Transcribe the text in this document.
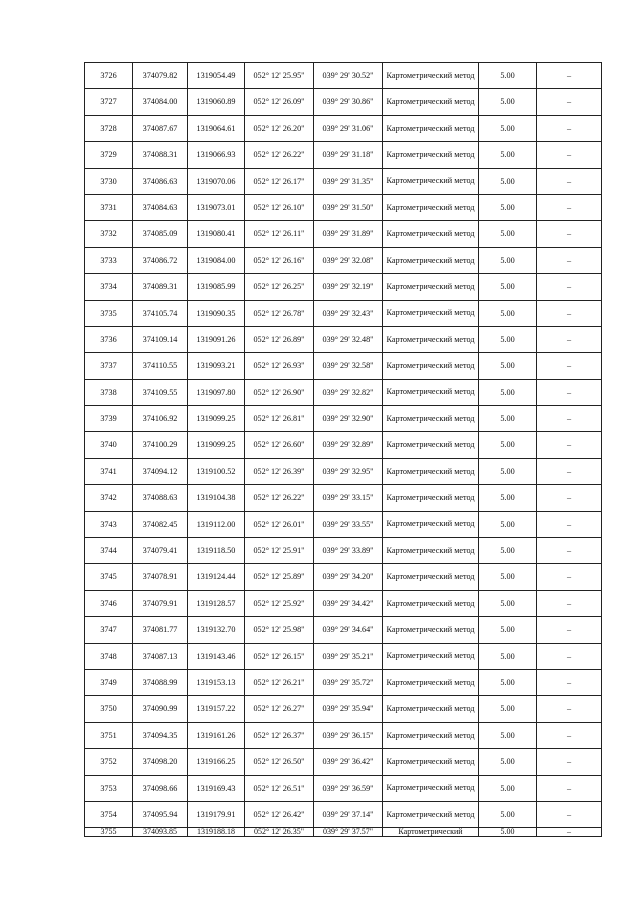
3726	374079.82	1319054.49	052° 12' 25.95"	039° 29' 30.52"	Картометрический метод	5.00	–
3727	374084.00	1319060.89	052° 12' 26.09"	039° 29' 30.86"	Картометрический метод	5.00	–
3728	374087.67	1319064.61	052° 12' 26.20"	039° 29' 31.06"	Картометрический метод	5.00	–
3729	374088.31	1319066.93	052° 12' 26.22"	039° 29' 31.18"	Картометрический метод	5.00	–
3730	374086.63	1319070.06	052° 12' 26.17"	039° 29' 31.35"	Картометрический метод	5.00	–
3731	374084.63	1319073.01	052° 12' 26.10"	039° 29' 31.50"	Картометрический метод	5.00	–
3732	374085.09	1319080.41	052° 12' 26.11"	039° 29' 31.89"	Картометрический метод	5.00	–
3733	374086.72	1319084.00	052° 12' 26.16"	039° 29' 32.08"	Картометрический метод	5.00	–
3734	374089.31	1319085.99	052° 12' 26.25"	039° 29' 32.19"	Картометрический метод	5.00	–
3735	374105.74	1319090.35	052° 12' 26.78"	039° 29' 32.43"	Картометрический метод	5.00	–
3736	374109.14	1319091.26	052° 12' 26.89"	039° 29' 32.48"	Картометрический метод	5.00	–
3737	374110.55	1319093.21	052° 12' 26.93"	039° 29' 32.58"	Картометрический метод	5.00	–
3738	374109.55	1319097.80	052° 12' 26.90"	039° 29' 32.82"	Картометрический метод	5.00	–
3739	374106.92	1319099.25	052° 12' 26.81"	039° 29' 32.90"	Картометрический метод	5.00	–
3740	374100.29	1319099.25	052° 12' 26.60"	039° 29' 32.89"	Картометрический метод	5.00	–
3741	374094.12	1319100.52	052° 12' 26.39"	039° 29' 32.95"	Картометрический метод	5.00	–
3742	374088.63	1319104.38	052° 12' 26.22"	039° 29' 33.15"	Картометрический метод	5.00	–
3743	374082.45	1319112.00	052° 12' 26.01"	039° 29' 33.55"	Картометрический метод	5.00	–
3744	374079.41	1319118.50	052° 12' 25.91"	039° 29' 33.89"	Картометрический метод	5.00	–
3745	374078.91	1319124.44	052° 12' 25.89"	039° 29' 34.20"	Картометрический метод	5.00	–
3746	374079.91	1319128.57	052° 12' 25.92"	039° 29' 34.42"	Картометрический метод	5.00	–
3747	374081.77	1319132.70	052° 12' 25.98"	039° 29' 34.64"	Картометрический метод	5.00	–
3748	374087.13	1319143.46	052° 12' 26.15"	039° 29' 35.21"	Картометрический метод	5.00	–
3749	374088.99	1319153.13	052° 12' 26.21"	039° 29' 35.72"	Картометрический метод	5.00	–
3750	374090.99	1319157.22	052° 12' 26.27"	039° 29' 35.94"	Картометрический метод	5.00	–
3751	374094.35	1319161.26	052° 12' 26.37"	039° 29' 36.15"	Картометрический метод	5.00	–
3752	374098.20	1319166.25	052° 12' 26.50"	039° 29' 36.42"	Картометрический метод	5.00	–
3753	374098.66	1319169.43	052° 12' 26.51"	039° 29' 36.59"	Картометрический метод	5.00	–
3754	374095.94	1319179.91	052° 12' 26.42"	039° 29' 37.14"	Картометрический метод	5.00	–
3755	374093.85	1319188.18	052° 12' 26.35"	039° 29' 37.57"	Картометрический	5.00	–
